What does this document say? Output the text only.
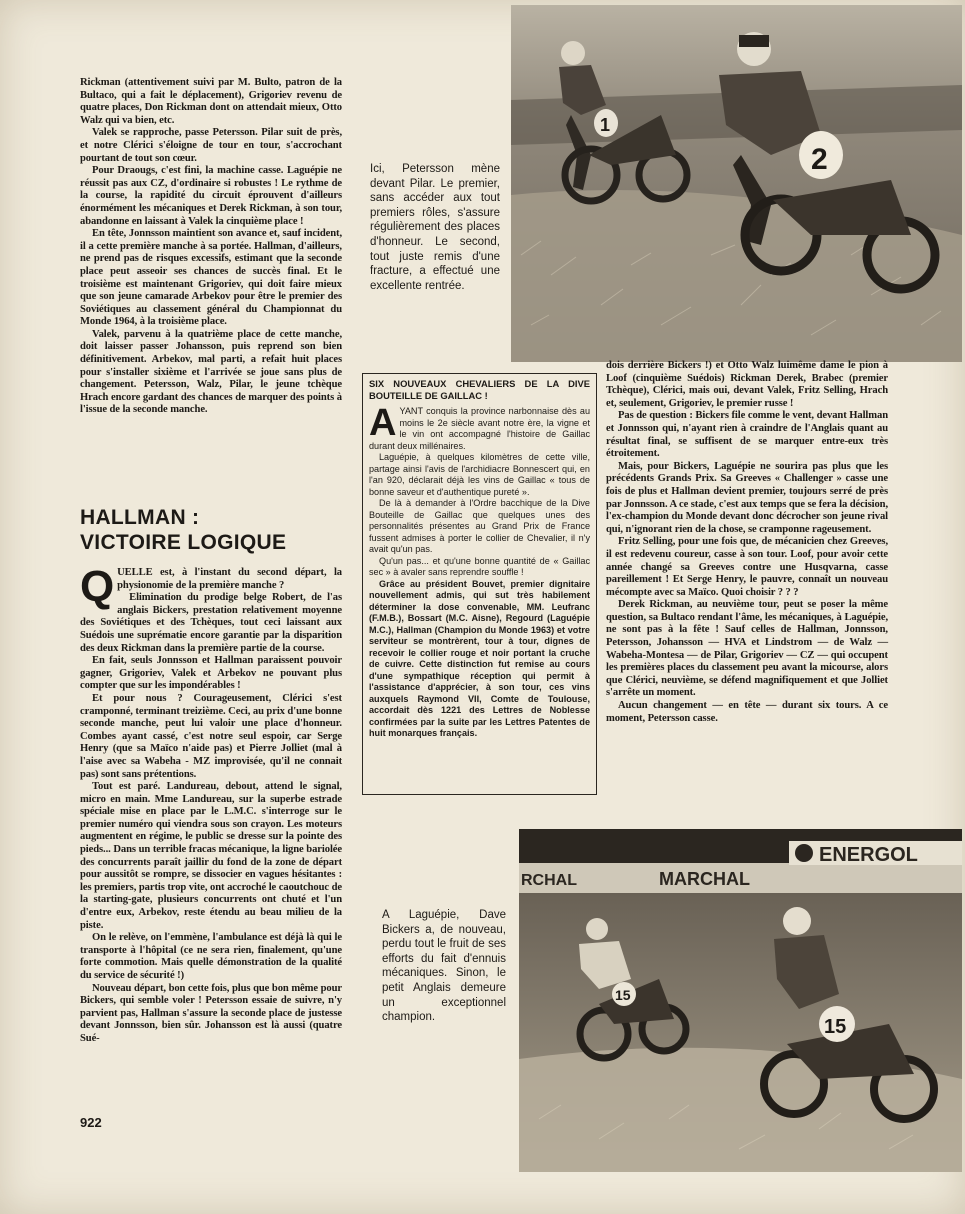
Rickman (attentivement suivi par M. Bulto, patron de la Bultaco, qui a fait le déplacement), Grigoriev revenu de quatre places, Don Rickman dont on attendait mieux, Otto Walz qui va bien, etc.

Valek se rapproche, passe Petersson. Pilar suit de près, et notre Clérici s'éloigne de tour en tour, s'accrochant pourtant de tout son cœur.

Pour Draougs, c'est fini, la machine casse. Laguépie ne réussit pas aux CZ, d'ordinaire si robustes ! Le rythme de la course, la rapidité du circuit éprouvent d'ailleurs énormément les mécaniques et Derek Rickman, à son tour, abandonne en laissant à Valek la cinquième place !

En tête, Jonnsson maintient son avance et, sauf incident, il a cette première manche à sa portée. Hallman, d'ailleurs, ne prend pas de risques excessifs, estimant que la seconde place peut asseoir ses chances de succès final. Et le troisième est maintenant Grigoriev, qui doit faire mieux que son jeune camarade Arbekov pour être le premier des Soviétiques au classement général du Championnat du Monde 1964, à la troisième place.

Valek, parvenu à la quatrième place de cette manche, doit laisser passer Johansson, puis reprend son bien définitivement. Arbekov, mal parti, a refait huit places pour s'installer sixième et l'arrivée se joue sans plus de changement. Petersson, Walz, Pilar, le jeune tchèque Hrach encore gardant des chances de marquer des points à l'issue de la seconde manche.

HALLMAN :
VICTOIRE LOGIQUE

QUELLE est, à l'instant du second départ, la physionomie de la première manche ?

Elimination du prodige belge Robert, de l'as anglais Bickers, prestation relativement moyenne des Soviétiques et des Tchèques, tout ceci laissant aux Suédois une suprématie encore garantie par la disparition des deux Rickman dans la première partie de la course.

En fait, seuls Jonnsson et Hallman paraissent pouvoir gagner, Grigoriev, Valek et Arbekov ne pouvant plus compter que sur les impondérables !

Et pour nous ? Courageusement, Clérici s'est cramponné, terminant treizième. Ceci, au prix d'une bonne seconde manche, peut lui valoir une place d'honneur. Combes ayant cassé, c'est notre seul espoir, car Serge Henry (que sa Maïco n'aide pas) et Pierre Jolliet (mal à l'aise avec sa Wabeha - MZ improvisée, qu'il ne connait pas) sont sans prétentions.

Tout est paré. Landureau, debout, attend le signal, micro en main. Mme Landureau, sur la superbe estrade spéciale mise en place par le L.M.C. s'interroge sur le premier numéro qui viendra sous son crayon. Les moteurs augmentent en régime, le public se dresse sur la pointe des pieds... Dans un terrible fracas mécanique, la ligne bariolée des concurrents paraît jaillir du fond de la zone de départ pour aussitôt se rompre, se dissocier en vagues hésitantes : les premiers, partis trop vite, ont accroché le caoutchouc de la starting-gate, plusieurs concurrents ont chuté et l'un d'entre eux, Arbekov, reste étendu au beau milieu de la piste.

On le relève, on l'emmène, l'ambulance est déjà là qui le transporte à l'hôpital (ce ne sera rien, finalement, qu'une forte commotion. Mais quelle démonstration de la qualité du service de sécurité !)

Nouveau départ, bon cette fois, plus que bon même pour Bickers, qui semble voler ! Petersson essaie de suivre, n'y parvient pas, Hallman s'assure la seconde place de justesse devant Jonnsson, bien sûr. Johansson est là aussi (quatre Sué-

922
1
2
Ici, Petersson mène devant Pilar. Le premier, sans accéder aux tout premiers rôles, s'assure régulièrement des places d'honneur. Le second, tout juste remis d'une fracture, a effectué une excellente rentrée.
SIX NOUVEAUX CHEVALIERS DE LA DIVE BOUTEILLE DE GAILLAC !

AYANT conquis la province narbonnaise dès au moins le 2e siècle avant notre ère, la vigne et le vin ont accompagné l'histoire de Gaillac durant deux millénaires.

Laguépie, à quelques kilomètres de cette ville, partage ainsi l'avis de l'archidiacre Bonnescert qui, en l'an 920, déclarait déjà les vins de Gaillac « tous de bonne saveur et d'authentique pureté ».

De là à demander à l'Ordre bacchique de la Dive Bouteille de Gaillac que quelques unes des personnalités présentes au Grand Prix de France fussent admises à porter le collier de Chevalier, il n'y avait qu'un pas.

Qu'un pas... et qu'une bonne quantité de « Gaillac sec » à avaler sans reprendre souffle !

Grâce au président Bouvet, premier dignitaire nouvellement admis, qui sut très habilement déterminer la dose convenable, MM. Leufranc (F.M.B.), Bossart (M.C. Aisne), Regourd (Laguépie M.C.), Hallman (Champion du Monde 1963) et votre serviteur se montrèrent, tour à tour, dignes de recevoir le collier rouge et noir portant la cruche de cuivre. Cette distinction fut remise au cours d'une sympathique réception qui permit à l'assistance d'apprécier, à son tour, ces vins auxquels Raymond VII, Comte de Toulouse, accordait dès 1221 des Lettres de Noblesse confirmées par la suite par les Lettres Patentes de huit monarques français.

dois derrière Bickers !) et Otto Walz luimême dame le pion à Loof (cinquième Suédois) Rickman Derek, Brabec (premier Tchèque), Clérici, mais oui, devant Valek, Fritz Selling, Hrach et, seulement, Grigoriev, le premier russe !

Pas de question : Bickers file comme le vent, devant Hallman et Jonnsson qui, n'ayant rien à craindre de l'Anglais quant au résultat final, se suffisent de se marquer entre-eux très étroitement.

Mais, pour Bickers, Laguépie ne sourira pas plus que les précédents Grands Prix. Sa Greeves « Challenger » casse une fois de plus et Hallman devient premier, toujours serré de près par Jonnsson. A ce stade, c'est aux temps que se fera la décision, l'ex-champion du Monde devant donc décrocher son jeune rival qui, n'ignorant rien de la chose, se cramponne rageusement.

Fritz Selling, pour une fois que, de mécanicien chez Greeves, il est redevenu coureur, casse à son tour. Loof, pour avoir cette année changé sa Greeves contre une Husqvarna, casse pareillement ! Et Serge Henry, le pauvre, connaît un nouveau mécompte avec sa Maïco. Quoi choisir ? ? ?

Derek Rickman, au neuvième tour, peut se poser la même question, sa Bultaco rendant l'âme, les mécaniques, à Laguépie, ne sont pas à la fête ! Sauf celles de Hallman, Jonnsson, Petersson, Johansson — HVA et Lindstrom — de Walz — Wabeha-Montesa — de Pilar, Grigoriev — CZ — qui occupent les premières places du classement peu avant la micourse, alors que Clérici, neuvième, se défend magnifiquement et que Jolliet s'arrête un moment.

Aucun changement — en tête — durant six tours. A ce moment, Petersson casse.

ENERGOL
MARCHAL
RCHAL
15
15
A Laguépie, Dave Bickers a, de nouveau, perdu tout le fruit de ses efforts du fait d'ennuis mécaniques. Sinon, le petit Anglais demeure un exceptionnel champion.
